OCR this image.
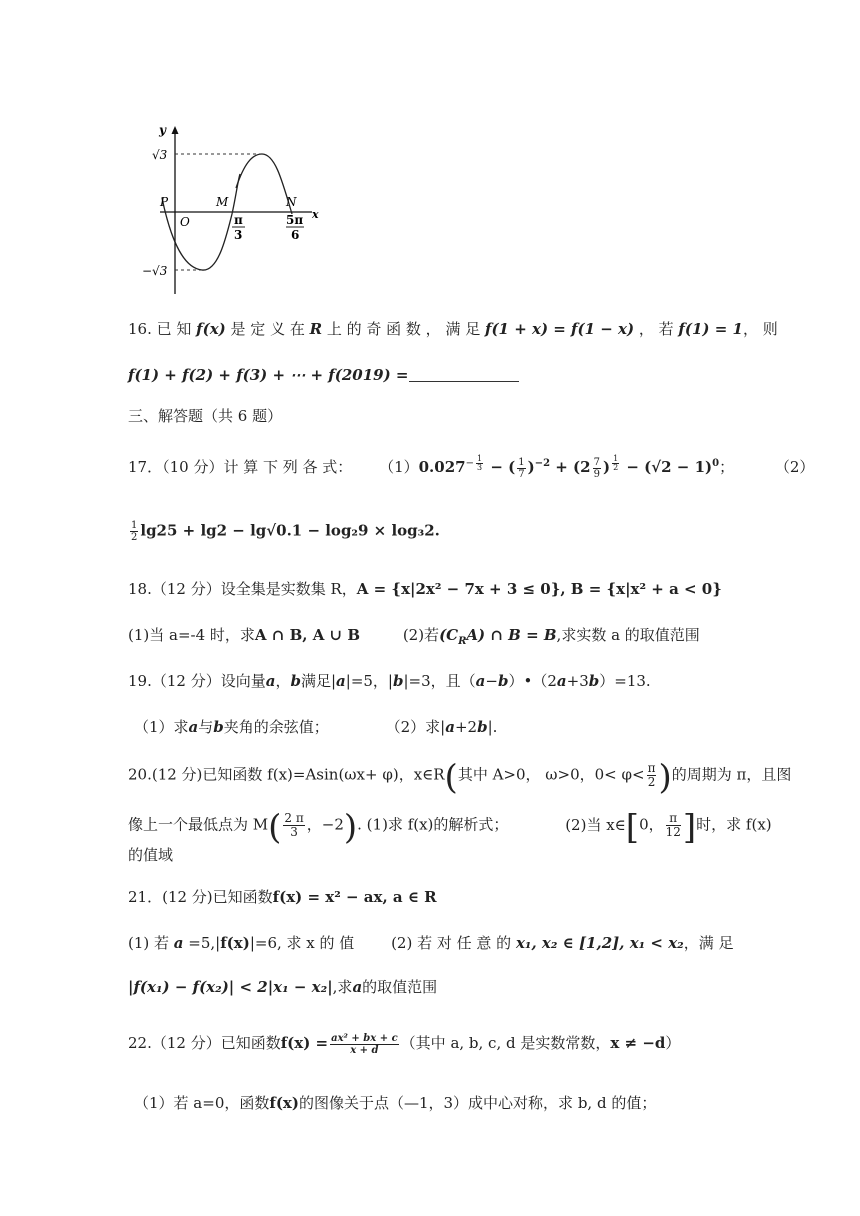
y
√3
−√3
P
O
M	N
x
π
3
5π
6
16. 已 知 f(x) 是 定 义 在 R 上 的 奇 函 数 ， 满 足 f(1 + x) = f(1 − x) ， 若 f(1) = 1， 则
f(1) + f(2) + f(3) + ⋯ + f(2019) =
三、解答题（共 6 题）
17．（10 分）计 算 下 列 各 式： $(1)0.027^{- \frac{1}{3}}$ − ( $\frac{1}{7} )^{-2} + (2 \frac{7}{9}$ ) $^{\frac{1}{2}} - (√2 - 1)^0$；	（2）
$\frac{1}{2} \lg 25 + \lg 2 - \lg√0.1 - \log_29 \times \log_32$.
18.（12 分）设全集是实数集 R，A = {x|2x² − 7x + 3 ≤ 0}, B = {x|x² + a < 0}
(1)当 a=-4 时，求A ∩ B, A ∪ B	(2)若$(C_RA)$ ∩ B = B,求实数 a 的取值范围
19.（12 分）设向量a，b满足|a|=5，|b|=3，且（a−b）•（2a+3b）=13.
（1）求a与b夹角的余弦值；	（2）求|a+2b|.
20.(12 分)已知函数 f(x)=Asin(ωx+ φ)，x∈R(其中 A>0， ω>0，$0< \varphi< \frac{\pi}{2}$ )的周期为 π，且图
像上一个最低点为 $M( \frac{2 \pi}{3}$ ，−2). (1)求 f(x)的解析式；	(2)当 x∈[0， $\frac{\pi}{12}$ ]时，求 f(x)
的值域
21．(12 分)已知函数f(x) = x² − ax, a ∈ R
(1) 若 a =5,|f(x)|=6, 求 x 的 值 (2) 若 对 任 意 的 x₁, x₂ ∈ [1,2], x₁ < x₂，满 足
|f(x₁) − f(x₂)| < 2|x₁ − x₂|,求a的取值范围
22.（12 分）已知函数$f(x) = \frac{\text{ax² + bx + c}}{x + d}$ （其中 a, b, c, d 是实数常数，x ≠ −d）
（1）若 a=0，函数f(x)的图像关于点（—1，3）成中心对称，求 b, d 的值；
